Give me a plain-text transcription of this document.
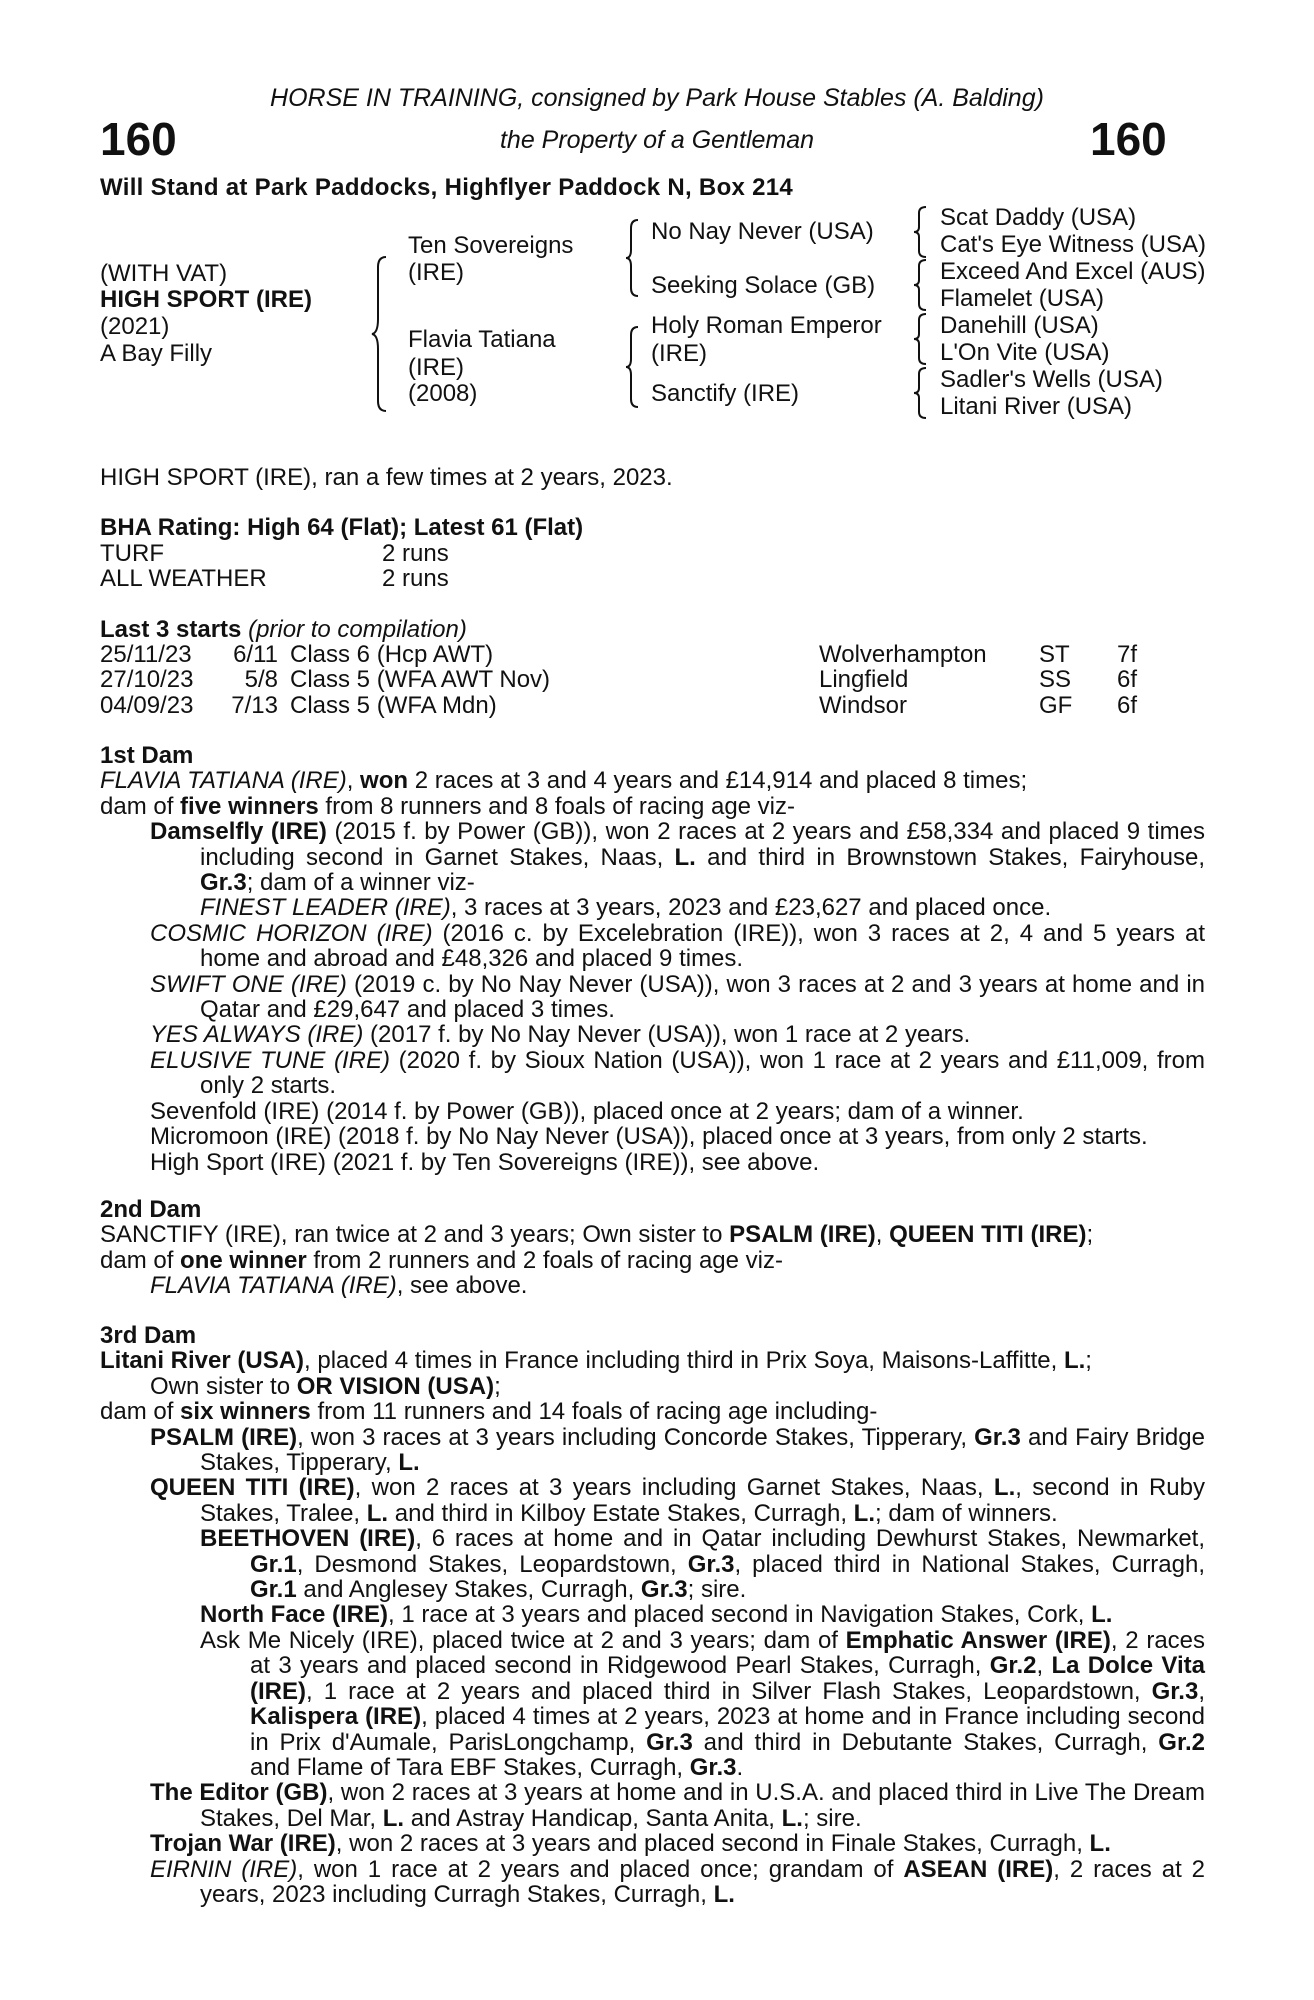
160	160
HORSE IN TRAINING, consigned by Park House Stables (A. Balding)
the Property of a Gentleman
Will Stand at Park Paddocks, Highflyer Paddock N, Box 214
(WITH VAT)
HIGH SPORT (IRE)
(2021)
A Bay Filly
Ten Sovereigns
(IRE)
Flavia Tatiana
(IRE)
(2008)
No Nay Never (USA)
Seeking Solace (GB)
Holy Roman Emperor
(IRE)
Sanctify (IRE)
Scat Daddy (USA)
Cat's Eye Witness (USA)
Exceed And Excel (AUS)
Flamelet (USA)
Danehill (USA)
L'On Vite (USA)
Sadler's Wells (USA)
Litani River (USA)
HIGH SPORT (IRE), ran a few times at 2 years, 2023.
BHA Rating: High 64 (Flat); Latest 61 (Flat)
TURF	2 runs
ALL WEATHER	2 runs
Last 3 starts (prior to compilation)
25/11/23	6/11	Class 6 (Hcp AWT)	Wolverhampton	ST	7f
27/10/23	5/8	Class 5 (WFA AWT Nov)	Lingfield	SS	6f
04/09/23	7/13	Class 5 (WFA Mdn)	Windsor	GF	6f

1st Dam

FLAVIA TATIANA (IRE), won 2 races at 3 and 4 years and £14,914 and placed 8 times;

dam of five winners from 8 runners and 8 foals of racing age viz-

Damselfly (IRE) (2015 f. by Power (GB)), won 2 races at 2 years and £58,334 and placed 9 times including second in Garnet Stakes, Naas, L. and third in Brownstown Stakes, Fairyhouse, Gr.3; dam of a winner viz-

FINEST LEADER (IRE), 3 races at 3 years, 2023 and £23,627 and placed once.

COSMIC HORIZON (IRE) (2016 c. by Excelebration (IRE)), won 3 races at 2, 4 and 5 years at home and abroad and £48,326 and placed 9 times.

SWIFT ONE (IRE) (2019 c. by No Nay Never (USA)), won 3 races at 2 and 3 years at home and in Qatar and £29,647 and placed 3 times.

YES ALWAYS (IRE) (2017 f. by No Nay Never (USA)), won 1 race at 2 years.

ELUSIVE TUNE (IRE) (2020 f. by Sioux Nation (USA)), won 1 race at 2 years and £11,009, from only 2 starts.

Sevenfold (IRE) (2014 f. by Power (GB)), placed once at 2 years; dam of a winner.

Micromoon (IRE) (2018 f. by No Nay Never (USA)), placed once at 3 years, from only 2 starts.

High Sport (IRE) (2021 f. by Ten Sovereigns (IRE)), see above.

2nd Dam

SANCTIFY (IRE), ran twice at 2 and 3 years; Own sister to PSALM (IRE), QUEEN TITI (IRE);

dam of one winner from 2 runners and 2 foals of racing age viz-

FLAVIA TATIANA (IRE), see above.

3rd Dam

Litani River (USA), placed 4 times in France including third in Prix Soya, Maisons-Laffitte, L.;

Own sister to OR VISION (USA);

dam of six winners from 11 runners and 14 foals of racing age including-

PSALM (IRE), won 3 races at 3 years including Concorde Stakes, Tipperary, Gr.3 and Fairy Bridge Stakes, Tipperary, L.

QUEEN TITI (IRE), won 2 races at 3 years including Garnet Stakes, Naas, L., second in Ruby Stakes, Tralee, L. and third in Kilboy Estate Stakes, Curragh, L.; dam of winners.

BEETHOVEN (IRE), 6 races at home and in Qatar including Dewhurst Stakes, Newmarket, Gr.1, Desmond Stakes, Leopardstown, Gr.3, placed third in National Stakes, Curragh, Gr.1 and Anglesey Stakes, Curragh, Gr.3; sire.

North Face (IRE), 1 race at 3 years and placed second in Navigation Stakes, Cork, L.

Ask Me Nicely (IRE), placed twice at 2 and 3 years; dam of Emphatic Answer (IRE), 2 races at 3 years and placed second in Ridgewood Pearl Stakes, Curragh, Gr.2, La Dolce Vita (IRE), 1 race at 2 years and placed third in Silver Flash Stakes, Leopardstown, Gr.3, Kalispera (IRE), placed 4 times at 2 years, 2023 at home and in France including second in Prix d'Aumale, ParisLongchamp, Gr.3 and third in Debutante Stakes, Curragh, Gr.2 and Flame of Tara EBF Stakes, Curragh, Gr.3.

The Editor (GB), won 2 races at 3 years at home and in U.S.A. and placed third in Live The Dream Stakes, Del Mar, L. and Astray Handicap, Santa Anita, L.; sire.

Trojan War (IRE), won 2 races at 3 years and placed second in Finale Stakes, Curragh, L.

EIRNIN (IRE), won 1 race at 2 years and placed once; grandam of ASEAN (IRE), 2 races at 2 years, 2023 including Curragh Stakes, Curragh, L.
